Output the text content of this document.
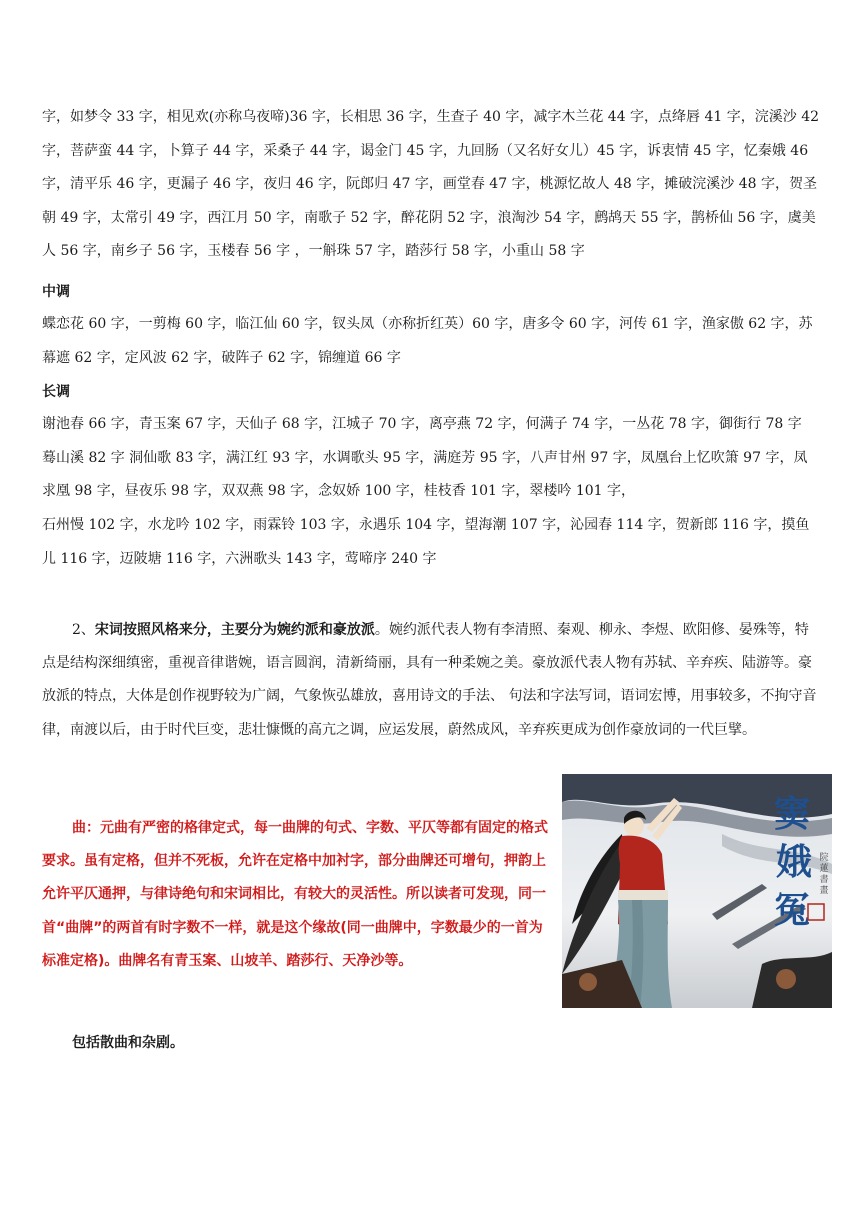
字，如梦令 33 字，相见欢(亦称乌夜啼)36 字，长相思 36 字，生查子 40 字，减字木兰花 44 字，点绛唇 41 字，浣溪沙 42 字，菩萨蛮 44 字，卜算子 44 字，采桑子 44 字，谒金门 45 字，九回肠（又名好女儿）45 字，诉衷情 45 字，忆秦娥 46 字，清平乐 46 字，更漏子 46 字，夜归 46 字，阮郎归 47 字，画堂春 47 字，桃源忆故人 48 字，摊破浣溪沙 48 字，贺圣朝 49 字，太常引 49 字，西江月 50 字，南歌子 52 字，醉花阴 52 字，浪淘沙 54 字，鹧鸪天 55 字，鹊桥仙 56 字，虞美人 56 字，南乡子 56 字，玉楼春 56 字 ，一斛珠 57 字，踏莎行 58 字，小重山 58 字
中调
蝶恋花 60 字，一剪梅 60 字，临江仙 60 字，钗头凤（亦称折红英）60 字，唐多令 60 字，河传 61 字，渔家傲 62 字，苏幕遮 62 字，定风波 62 字，破阵子 62 字，锦缠道 66 字
长调
谢池春 66 字，青玉案 67 字，天仙子 68 字，江城子 70 字，离亭燕 72 字，何满子 74 字，一丛花 78 字，御街行 78 字 蓦山溪 82 字 洞仙歌 83 字，满江红 93 字，水调歌头 95 字，满庭芳 95 字，八声甘州 97 字，凤凰台上忆吹箫 97 字，凤求凰 98 字，昼夜乐 98 字，双双燕 98 字，念奴娇 100 字，桂枝香 101 字，翠楼吟 101 字，
石州慢 102 字，水龙吟 102 字，雨霖铃 103 字，永遇乐 104 字，望海潮 107 字，沁园春 114 字，贺新郎 116 字，摸鱼儿 116 字，迈陂塘 116 字，六洲歌头 143 字，莺啼序 240 字
2、宋词按照风格来分，主要分为婉约派和豪放派。婉约派代表人物有李清照、秦观、柳永、李煜、欧阳修、晏殊等，特点是结构深细缜密，重视音律谐婉，语言圆润，清新绮丽，具有一种柔婉之美。豪放派代表人物有苏轼、辛弃疾、陆游等。豪放派的特点，大体是创作视野较为广阔，气象恢弘雄放，喜用诗文的手法、 句法和字法写词，语词宏博，用事较多，不拘守音律，南渡以后，由于时代巨变，悲壮慷慨的高亢之调，应运发展，蔚然成风，辛弃疾更成为创作豪放词的一代巨擘。
曲：元曲有严密的格律定式，每一曲牌的句式、字数、平仄等都有固定的格式要求。虽有定格，但并不死板，允许在定格中加衬字，部分曲牌还可增句，押韵上允许平仄通押，与律诗绝句和宋词相比，有较大的灵活性。所以读者可发现，同一首“曲牌”的两首有时字数不一样，就是这个缘故(同一曲牌中，字数最少的一首为标准定格)。曲牌名有青玉案、山坡羊、踏莎行、天净沙等。
包括散曲和杂剧。
窦
娥
冤
院
蓮
書
畫
